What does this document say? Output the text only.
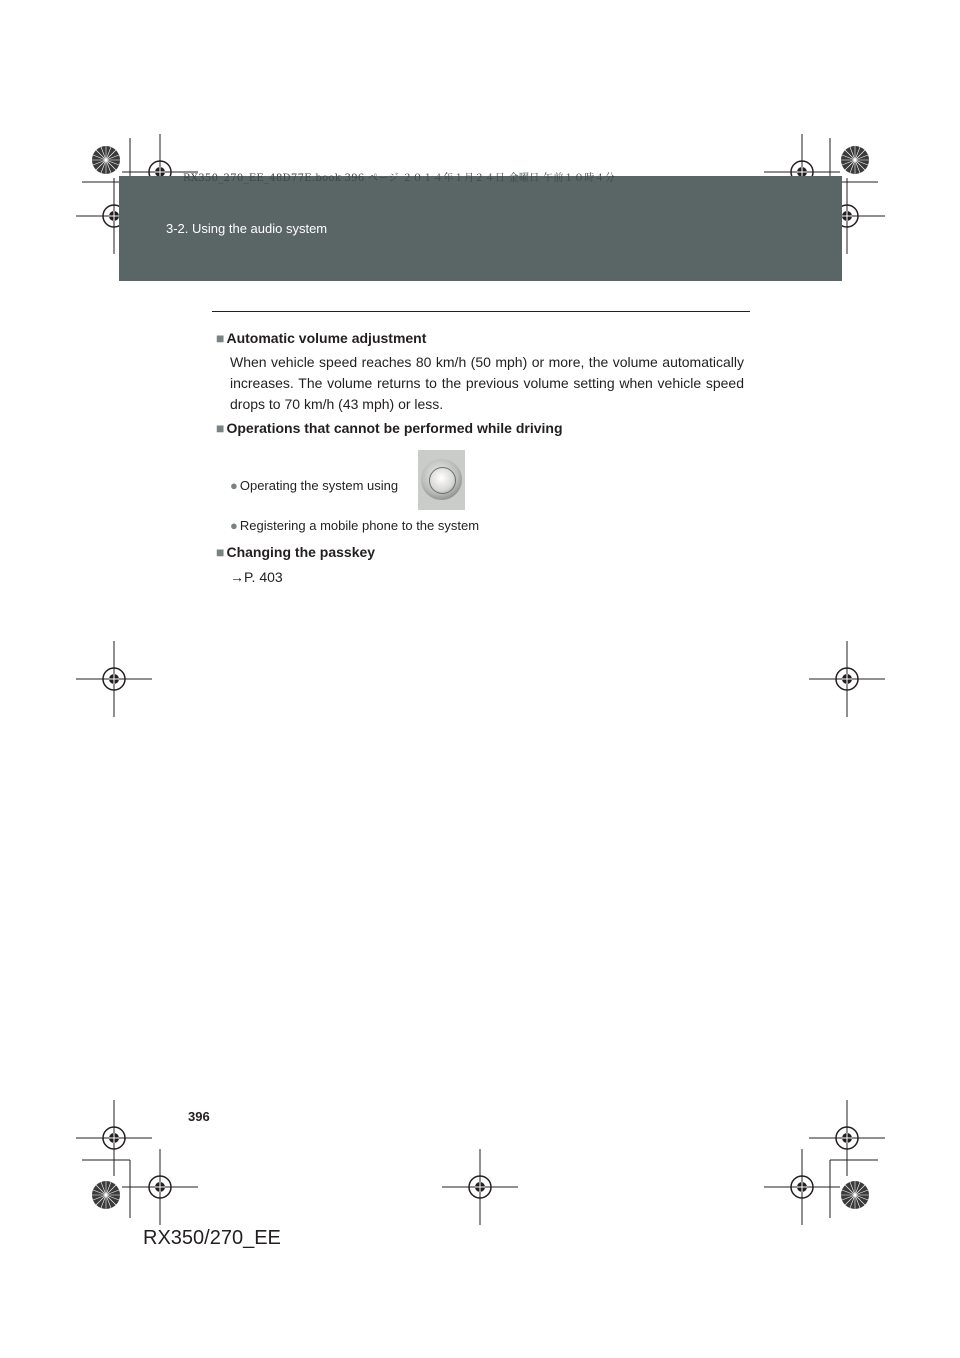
RX350_270_EE_48D77E.book 396 ページ ２０１４年１月２４日 金曜日 午前１０時４分
3-2. Using the audio system
■ Automatic volume adjustment
When vehicle speed reaches 80 km/h (50 mph) or more, the volume automatically increases. The volume returns to the previous volume setting when vehicle speed drops to 70 km/h (43 mph) or less.
■ Operations that cannot be performed while driving
● Operating the system using
● Registering a mobile phone to the system
■ Changing the passkey
→P. 403
396
RX350/270_EE
